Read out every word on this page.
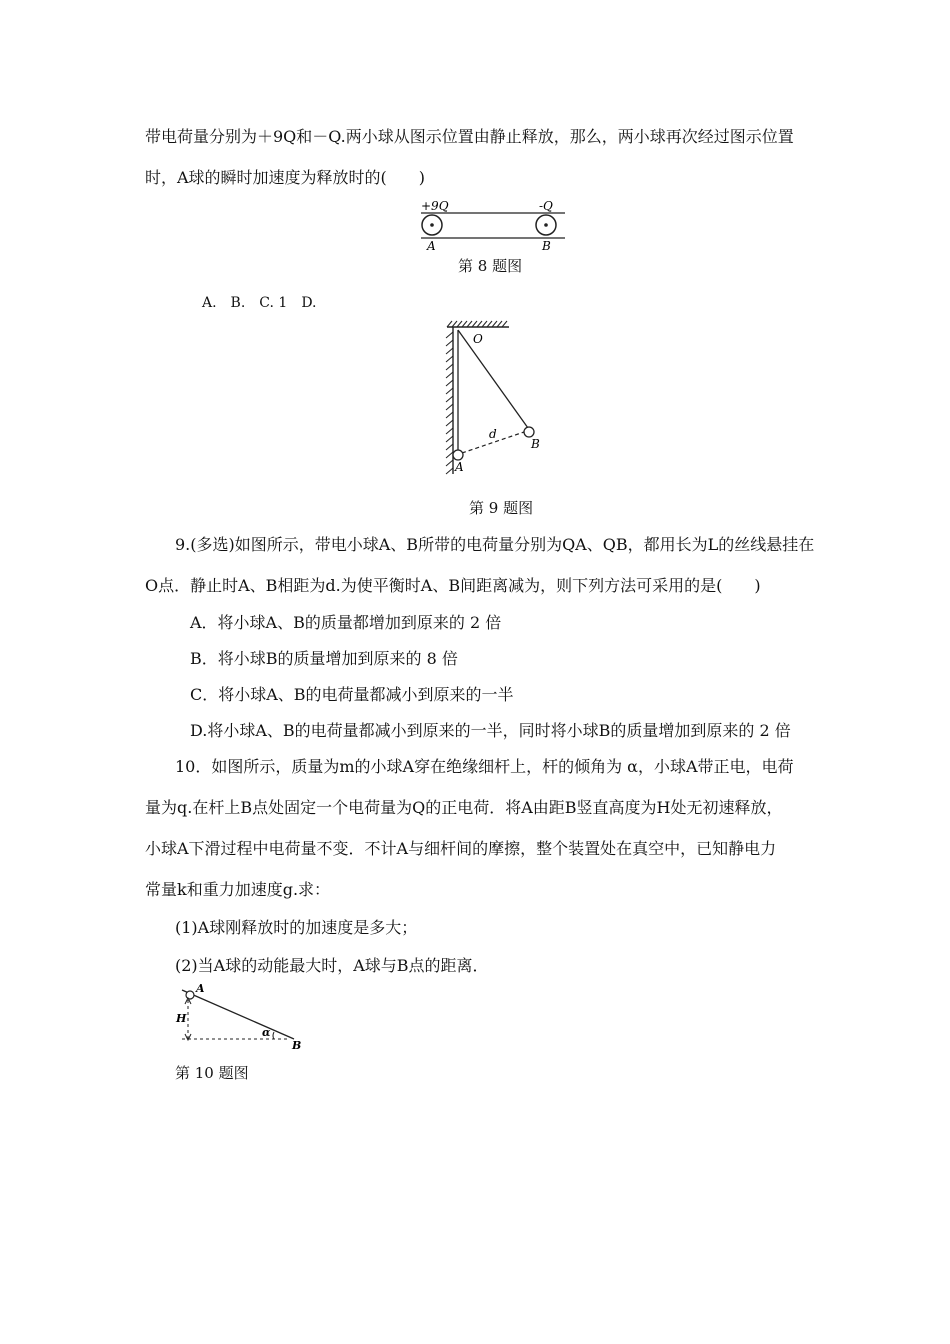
带电荷量分别为＋9Q和－Q.两小球从图示位置由静止释放，那么，两小球再次经过图示位置
时，A球的瞬时加速度为释放时的(　　)
+9Q	-Q
A	B
第 8 题图
A.　B.　C. 1　D.
O
d
A
B
第 9 题图
9.(多选)如图所示，带电小球A、B所带的电荷量分别为QA、QB，都用长为L的丝线悬挂在
O点．静止时A、B相距为d.为使平衡时A、B间距离减为，则下列方法可采用的是(　　)
A．将小球A、B的质量都增加到原来的 2 倍
B．将小球B的质量增加到原来的 8 倍
C．将小球A、B的电荷量都减小到原来的一半
D.将小球A、B的电荷量都减小到原来的一半，同时将小球B的质量增加到原来的 2 倍
10．如图所示，质量为m的小球A穿在绝缘细杆上，杆的倾角为 α，小球A带正电，电荷
量为q.在杆上B点处固定一个电荷量为Q的正电荷．将A由距B竖直高度为H处无初速释放，
小球A下滑过程中电荷量不变．不计A与细杆间的摩擦，整个装置处在真空中，已知静电力
常量k和重力加速度g.求：
(1)A球刚释放时的加速度是多大；
(2)当A球的动能最大时，A球与B点的距离．
A
H
α
B
第 10 题图
